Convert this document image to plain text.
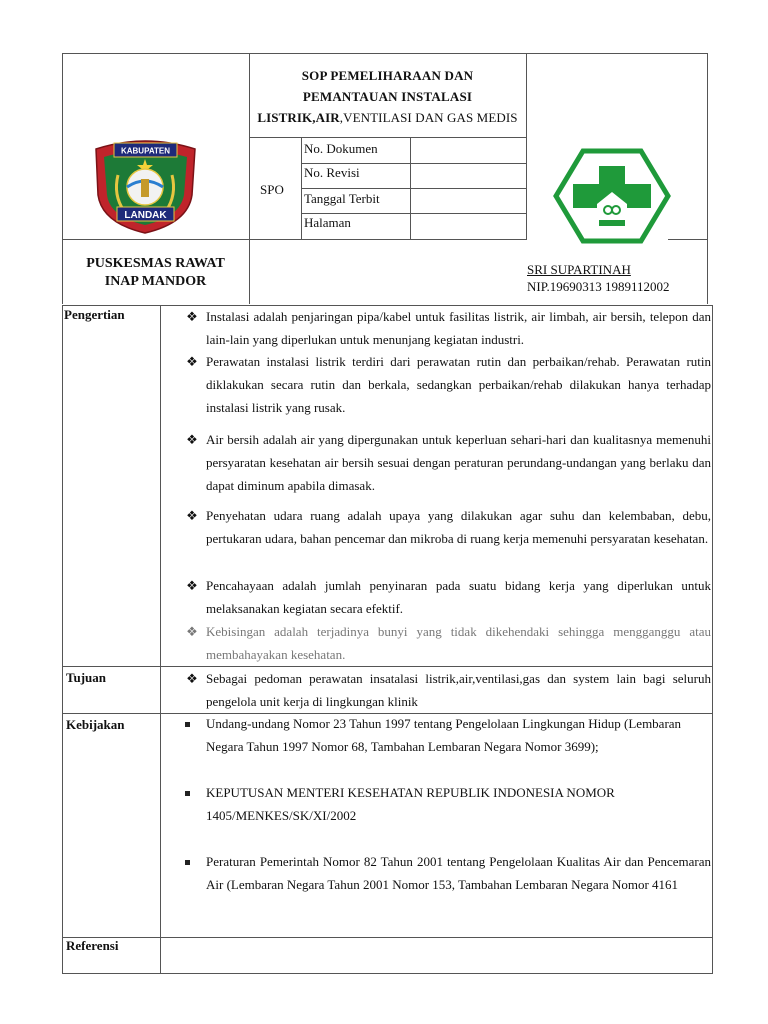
KABUPATEN
LANDAK
SOP PEMELIHARAAN DAN
PEMANTAUAN INSTALASI
LISTRIK,AIR,VENTILASI DAN GAS MEDIS
SPO
No. Dokumen
No. Revisi
Tanggal Terbit
Halaman
PUSKESMAS RAWAT
INAP MANDOR
SRI SUPARTINAH
NIP.19690313 1989112002
Pengertian
Tujuan
Kebijakan
Referensi
❖ Instalasi adalah penjaringan pipa/kabel untuk fasilitas listrik, air limbah, air bersih, telepon dan lain-lain yang diperlukan untuk menunjang kegiatan industri.
❖ Perawatan instalasi listrik terdiri dari perawatan rutin dan perbaikan/rehab. Perawatan rutin diklakukan secara rutin dan berkala, sedangkan perbaikan/rehab dilakukan hanya terhadap instalasi listrik yang rusak.
❖ Air bersih adalah air yang dipergunakan untuk keperluan sehari-hari dan kualitasnya memenuhi persyaratan kesehatan air bersih sesuai dengan peraturan perundang-undangan yang berlaku dan dapat diminum apabila dimasak.
❖ Penyehatan udara ruang adalah upaya yang dilakukan agar suhu dan kelembaban, debu, pertukaran udara, bahan pencemar dan mikroba di ruang kerja memenuhi persyaratan kesehatan.
❖ Pencahayaan adalah jumlah penyinaran pada suatu bidang kerja yang diperlukan untuk melaksanakan kegiatan secara efektif.
❖ Kebisingan adalah terjadinya bunyi yang tidak dikehendaki sehingga mengganggu atau membahayakan kesehatan.
❖ Sebagai pedoman perawatan insatalasi listrik,air,ventilasi,gas dan system lain bagi seluruh pengelola unit kerja di lingkungan klinik
Undang-undang Nomor 23 Tahun 1997 tentang Pengelolaan Lingkungan Hidup (Lembaran Negara Tahun 1997 Nomor 68, Tambahan Lembaran Negara Nomor 3699);
KEPUTUSAN MENTERI KESEHATAN REPUBLIK INDONESIA NOMOR 1405/MENKES/SK/XI/2002
Peraturan Pemerintah Nomor 82 Tahun 2001 tentang Pengelolaan Kualitas Air dan Pencemaran Air (Lembaran Negara Tahun 2001 Nomor 153, Tambahan Lembaran Negara Nomor 4161
